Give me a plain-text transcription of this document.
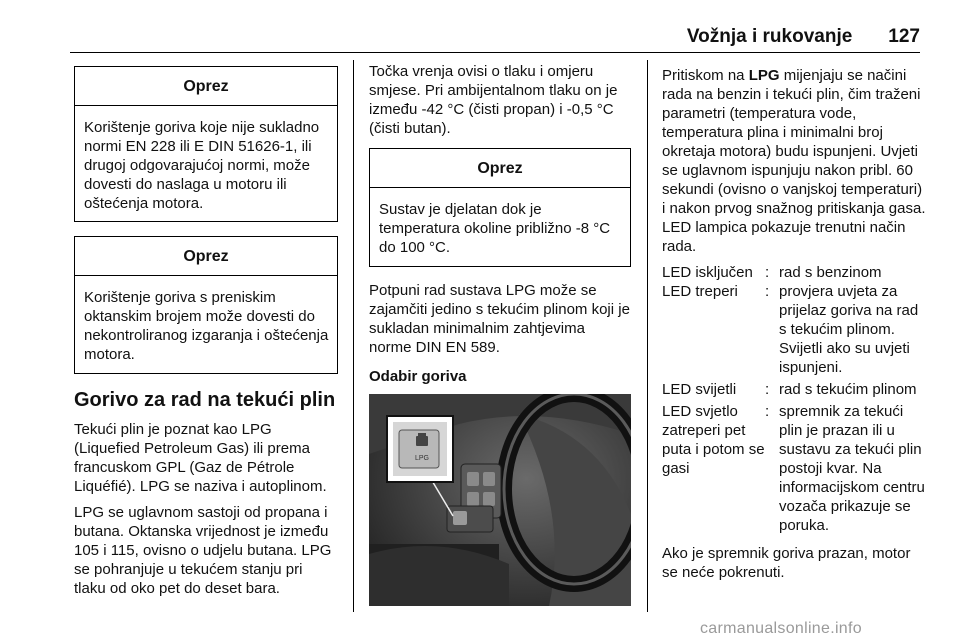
Vožnja i rukovanje 127
Oprez
Korištenje goriva koje nije sukladno normi EN 228 ili E DIN 51626-1, ili drugoj odgovarajućoj normi, može dovesti do naslaga u motoru ili oštećenja motora.
Oprez
Korištenje goriva s preniskim oktanskim brojem može dovesti do nekontroliranog izgaranja i oštećenja motora.
Gorivo za rad na tekući plin

Tekući plin je poznat kao LPG (Liquefied Petroleum Gas) ili prema francuskom GPL (Gaz de Pétrole Liquéfié). LPG se naziva i autoplinom.

LPG se uglavnom sastoji od propana i butana. Oktanska vrijednost je između 105 i 115, ovisno o udjelu butana. LPG se pohranjuje u tekućem stanju pri tlaku od oko pet do deset bara.

Točka vrenja ovisi o tlaku i omjeru smjese. Pri ambijentalnom tlaku on je između -42 °C (čisti propan) i -0,5 °C (čisti butan).

Oprez
Sustav je djelatan dok je temperatura okoline približno -8 °C do 100 °C.

Potpuni rad sustava LPG može se zajamčiti jedino s tekućim plinom koji je sukladan minimalnim zahtjevima norme DIN EN 589.

Odabir goriva
LPG

Pritiskom na LPG mijenjaju se načini rada na benzin i tekući plin, čim traženi parametri (temperatura vode, temperatura plina i minimalni broj okretaja motora) budu ispunjeni. Uvjeti se uglavnom ispunjuju nakon pribl. 60 sekundi (ovisno o vanjskoj temperaturi) i nakon prvog snažnog pritiskanja gasa. LED lampica pokazuje trenutni način rada.

LED isključen	:	rad s benzinom
LED treperi	:	provjera uvjeta za prijelaz goriva na rad s tekućim plinom. Svijetli ako su uvjeti ispunjeni.
LED svijetli	:	rad s tekućim plinom
LED svjetlo zatreperi pet puta i potom se gasi	:	spremnik za tekući plin je prazan ili u sustavu za tekući plin postoji kvar. Na informacijskom centru vozača prikazuje se poruka.

Ako je spremnik goriva prazan, motor se neće pokrenuti.

carmanualsonline.info
